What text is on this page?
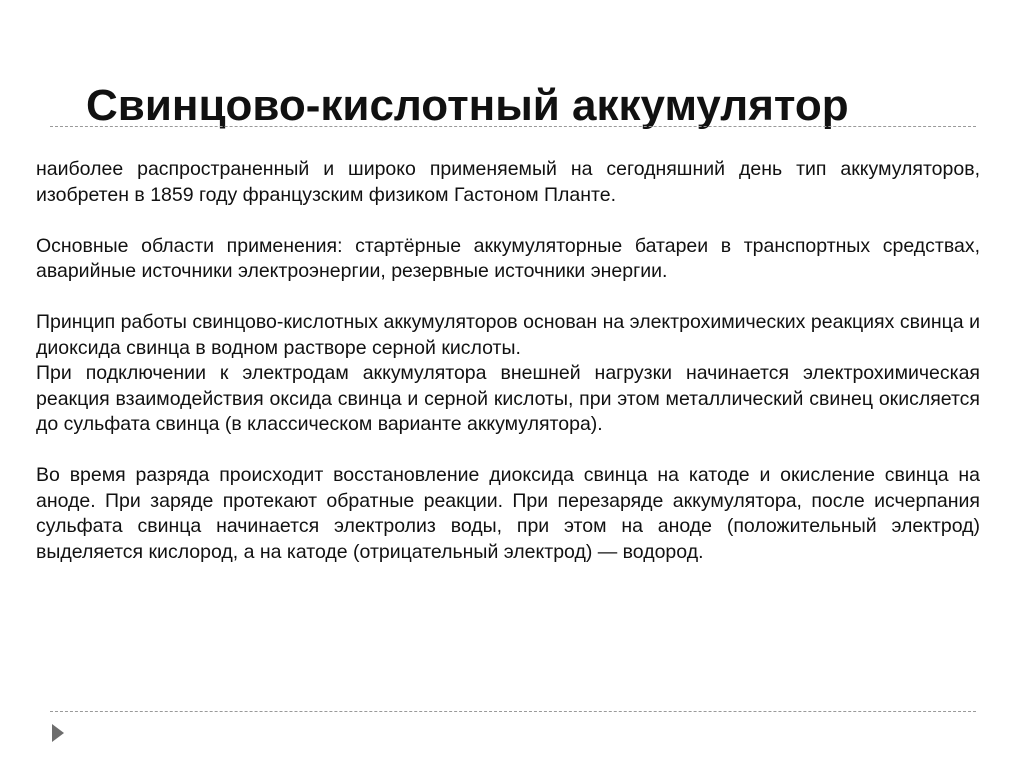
Свинцово-кислотный аккумулятор

наиболее распространенный и широко применяемый на сегодняшний день тип аккумуляторов, изобретен в 1859 году французским физиком Гастоном Планте.

Основные области применения: стартёрные аккумуляторные батареи в транспортных средствах, аварийные источники электроэнергии, резервные источники энергии.

Принцип работы свинцово-кислотных аккумуляторов основан на электрохимических реакциях свинца и диоксида свинца в водном растворе серной кислоты.

При подключении к электродам аккумулятора внешней нагрузки начинается электрохимическая реакция взаимодействия оксида свинца и серной кислоты, при этом металлический свинец окисляется до сульфата свинца (в классическом варианте аккумулятора).

Во время разряда происходит восстановление диоксида свинца на катоде и окисление свинца на аноде. При заряде протекают обратные реакции. При перезаряде аккумулятора, после исчерпания сульфата свинца начинается электролиз воды, при этом на аноде (положительный электрод) выделяется кислород, а на катоде (отрицательный электрод) — водород.
